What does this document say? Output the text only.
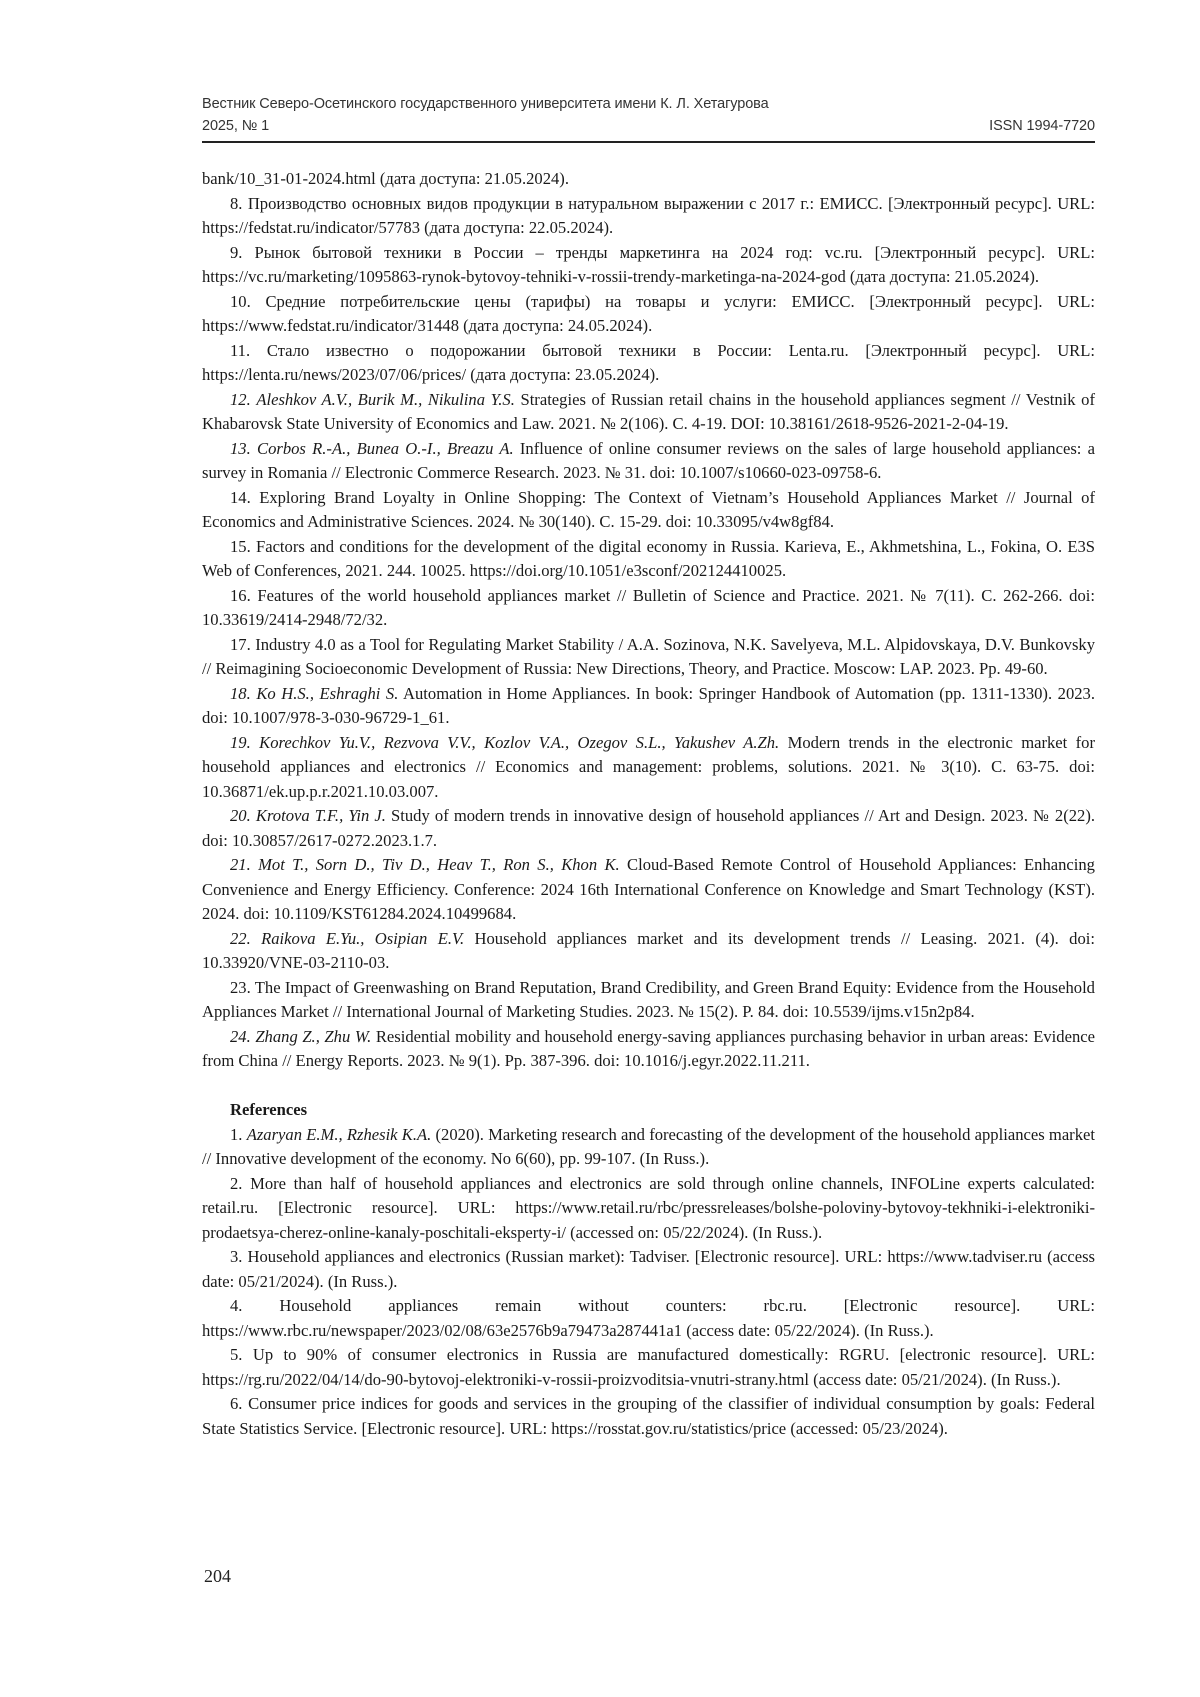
Вестник Северо-Осетинского государственного университета имени К. Л. Хетагурова
2025, № 1	ISSN 1994-7720

bank/10_31-01-2024.html (дата доступа: 21.05.2024).

8. Производство основных видов продукции в натуральном выражении с 2017 г.: ЕМИСС. [Электронный ресурс]. URL: https://fedstat.ru/indicator/57783 (дата доступа: 22.05.2024).

9. Рынок бытовой техники в России – тренды маркетинга на 2024 год: vc.ru. [Электронный ресурс]. URL: https://vc.ru/marketing/1095863-rynok-bytovoy-tehniki-v-rossii-trendy-marketinga-na-2024-god (дата доступа: 21.05.2024).

10. Средние потребительские цены (тарифы) на товары и услуги: ЕМИСС. [Электронный ресурс]. URL: https://www.fedstat.ru/indicator/31448 (дата доступа: 24.05.2024).

11. Стало известно о подорожании бытовой техники в России: Lenta.ru. [Электронный ресурс]. URL: https://lenta.ru/news/2023/07/06/prices/ (дата доступа: 23.05.2024).

12. Aleshkov A.V., Burik M., Nikulina Y.S. Strategies of Russian retail chains in the household appliances segment // Vestnik of Khabarovsk State University of Economics and Law. 2021. № 2(106). С. 4-19. DOI: 10.38161/2618-9526-2021-2-04-19.

13. Corbos R.-A., Bunea O.-I., Breazu A. Influence of online consumer reviews on the sales of large household appliances: a survey in Romania // Electronic Commerce Research. 2023. № 31. doi: 10.1007/s10660-023-09758-6.

14. Exploring Brand Loyalty in Online Shopping: The Context of Vietnam’s Household Appliances Market // Journal of Economics and Administrative Sciences. 2024. № 30(140). С. 15-29. doi: 10.33095/v4w8gf84.

15. Factors and conditions for the development of the digital economy in Russia. Karieva, E., Akhmetshina, L., Fokina, O. E3S Web of Conferences, 2021. 244. 10025. https://doi.org/10.1051/e3sconf/202124410025.

16. Features of the world household appliances market // Bulletin of Science and Practice. 2021. № 7(11). С. 262-266. doi: 10.33619/2414-2948/72/32.

17. Industry 4.0 as a Tool for Regulating Market Stability / A.A. Sozinova, N.K. Savelyeva, M.L. Alpidovskaya, D.V. Bunkovsky // Reimagining Socioeconomic Development of Russia: New Directions, Theory, and Practice. Moscow: LAP. 2023. Pp. 49-60.

18. Ko H.S., Eshraghi S. Automation in Home Appliances. In book: Springer Handbook of Automation (pp. 1311-1330). 2023. doi: 10.1007/978-3-030-96729-1_61.

19. Korechkov Yu.V., Rezvova V.V., Kozlov V.A., Ozegov S.L., Yakushev A.Zh. Modern trends in the electronic market for household appliances and electronics // Economics and management: problems, solutions. 2021. № 3(10). С. 63-75. doi: 10.36871/ek.up.p.r.2021.10.03.007.

20. Krotova T.F., Yin J. Study of modern trends in innovative design of household appliances // Art and Design. 2023. № 2(22). doi: 10.30857/2617-0272.2023.1.7.

21. Mot T., Sorn D., Tiv D., Heav T., Ron S., Khon K. Cloud-Based Remote Control of Household Appliances: Enhancing Convenience and Energy Efficiency. Conference: 2024 16th International Conference on Knowledge and Smart Technology (KST). 2024. doi: 10.1109/KST61284.2024.10499684.

22. Raikova E.Yu., Osipian E.V. Household appliances market and its development trends // Leasing. 2021. (4). doi: 10.33920/VNE-03-2110-03.

23. The Impact of Greenwashing on Brand Reputation, Brand Credibility, and Green Brand Equity: Evidence from the Household Appliances Market // International Journal of Marketing Studies. 2023. № 15(2). P. 84. doi: 10.5539/ijms.v15n2p84.

24. Zhang Z., Zhu W. Residential mobility and household energy-saving appliances purchasing behavior in urban areas: Evidence from China // Energy Reports. 2023. № 9(1). Pp. 387-396. doi: 10.1016/j.egyr.2022.11.211.

References

1. Azaryan E.M., Rzhesik K.A. (2020). Marketing research and forecasting of the development of the household appliances market // Innovative development of the economy. No 6(60), pp. 99-107. (In Russ.).

2. More than half of household appliances and electronics are sold through online channels, INFOLine experts calculated: retail.ru. [Electronic resource]. URL: https://www.retail.ru/rbc/pressreleases/bolshe-poloviny-bytovoy-tekhniki-i-elektroniki-prodaetsya-cherez-online-kanaly-poschitali-eksperty-i/ (accessed on: 05/22/2024). (In Russ.).

3. Household appliances and electronics (Russian market): Tadviser. [Electronic resource]. URL: https://www.tadviser.ru (access date: 05/21/2024). (In Russ.).

4. Household appliances remain without counters: rbc.ru. [Electronic resource]. URL: https://www.rbc.ru/newspaper/2023/02/08/63e2576b9a79473a287441a1 (access date: 05/22/2024). (In Russ.).

5. Up to 90% of consumer electronics in Russia are manufactured domestically: RGRU. [electronic resource]. URL: https://rg.ru/2022/04/14/do-90-bytovoj-elektroniki-v-rossii-proizvoditsia-vnutri-strany.html (access date: 05/21/2024). (In Russ.).

6. Consumer price indices for goods and services in the grouping of the classifier of individual consumption by goals: Federal State Statistics Service. [Electronic resource]. URL: https://rosstat.gov.ru/statistics/price (accessed: 05/23/2024).

204
